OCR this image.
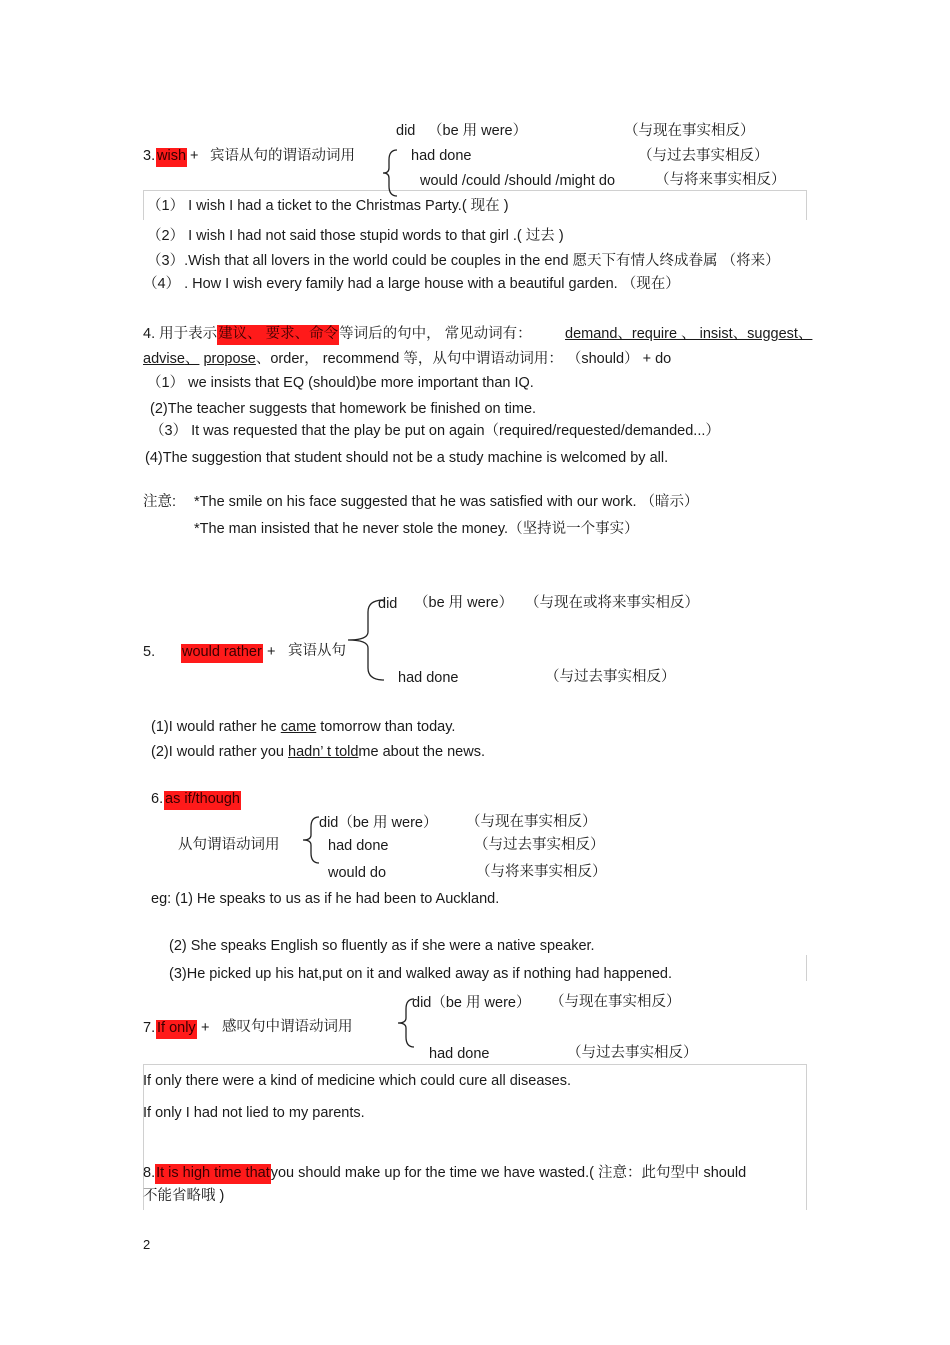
did （be 用 were）	（与现在事实相反）
3. wish + 宾语从句的谓语动词用	had done	（与过去事实相反）
would /could /should /might do	（与将来事实相反）
（1） I wish I had a ticket to the Christmas Party.( 现在 )
（2） I wish I had not said those stupid words to that girl .( 过去 )
（3）.Wish that all lovers in the world could be couples in the end 愿天下有情人终成眷属 （将来）
（4） . How I wish every family had a large house with a beautiful garden. （现在）
4. 用于表示建议、 要求、命令等词后的句中， 常见动词有： demand、require 、 insist、suggest、
advise、 propose、order， recommend 等，从句中谓语动词用： （should） + do
（1） we insists that EQ (should)be more important than IQ.
(2)The teacher suggests that homework be finished on time.
（3） It was requested that the play be put on again（required/requested/demanded...）
(4)The suggestion that student should not be a study machine is welcomed by all.
注意: *The smile on his face suggested that he was satisfied with our work. （暗示）
*The man insisted that he never stole the money.（坚持说一个事实）
did （be 用 were） （与现在或将来事实相反）
5. would rather + 宾语从句
had done	（与过去事实相反）
(1)I would rather he came tomorrow than today.
(2)I would rather you hadn’ t toldme about the news.
6. as if/though
did（be 用 were） （与现在事实相反）
从句谓语动词用	had done	（与过去事实相反）
would do	（与将来事实相反）
eg: (1) He speaks to us as if he had been to Auckland.
(2) She speaks English so fluently as if she were a native speaker.
(3)He picked up his hat,put on it and walked away as if nothing had happened.
did（be 用 were） （与现在事实相反）
7. If only + 感叹句中谓语动词用
had done	（与过去事实相反）
If only there were a kind of medicine which could cure all diseases.
If only I had not lied to my parents.
8.It is high time thatyou should make up for the time we have wasted.( 注意：此句型中 should
不能省略哦 )
2
